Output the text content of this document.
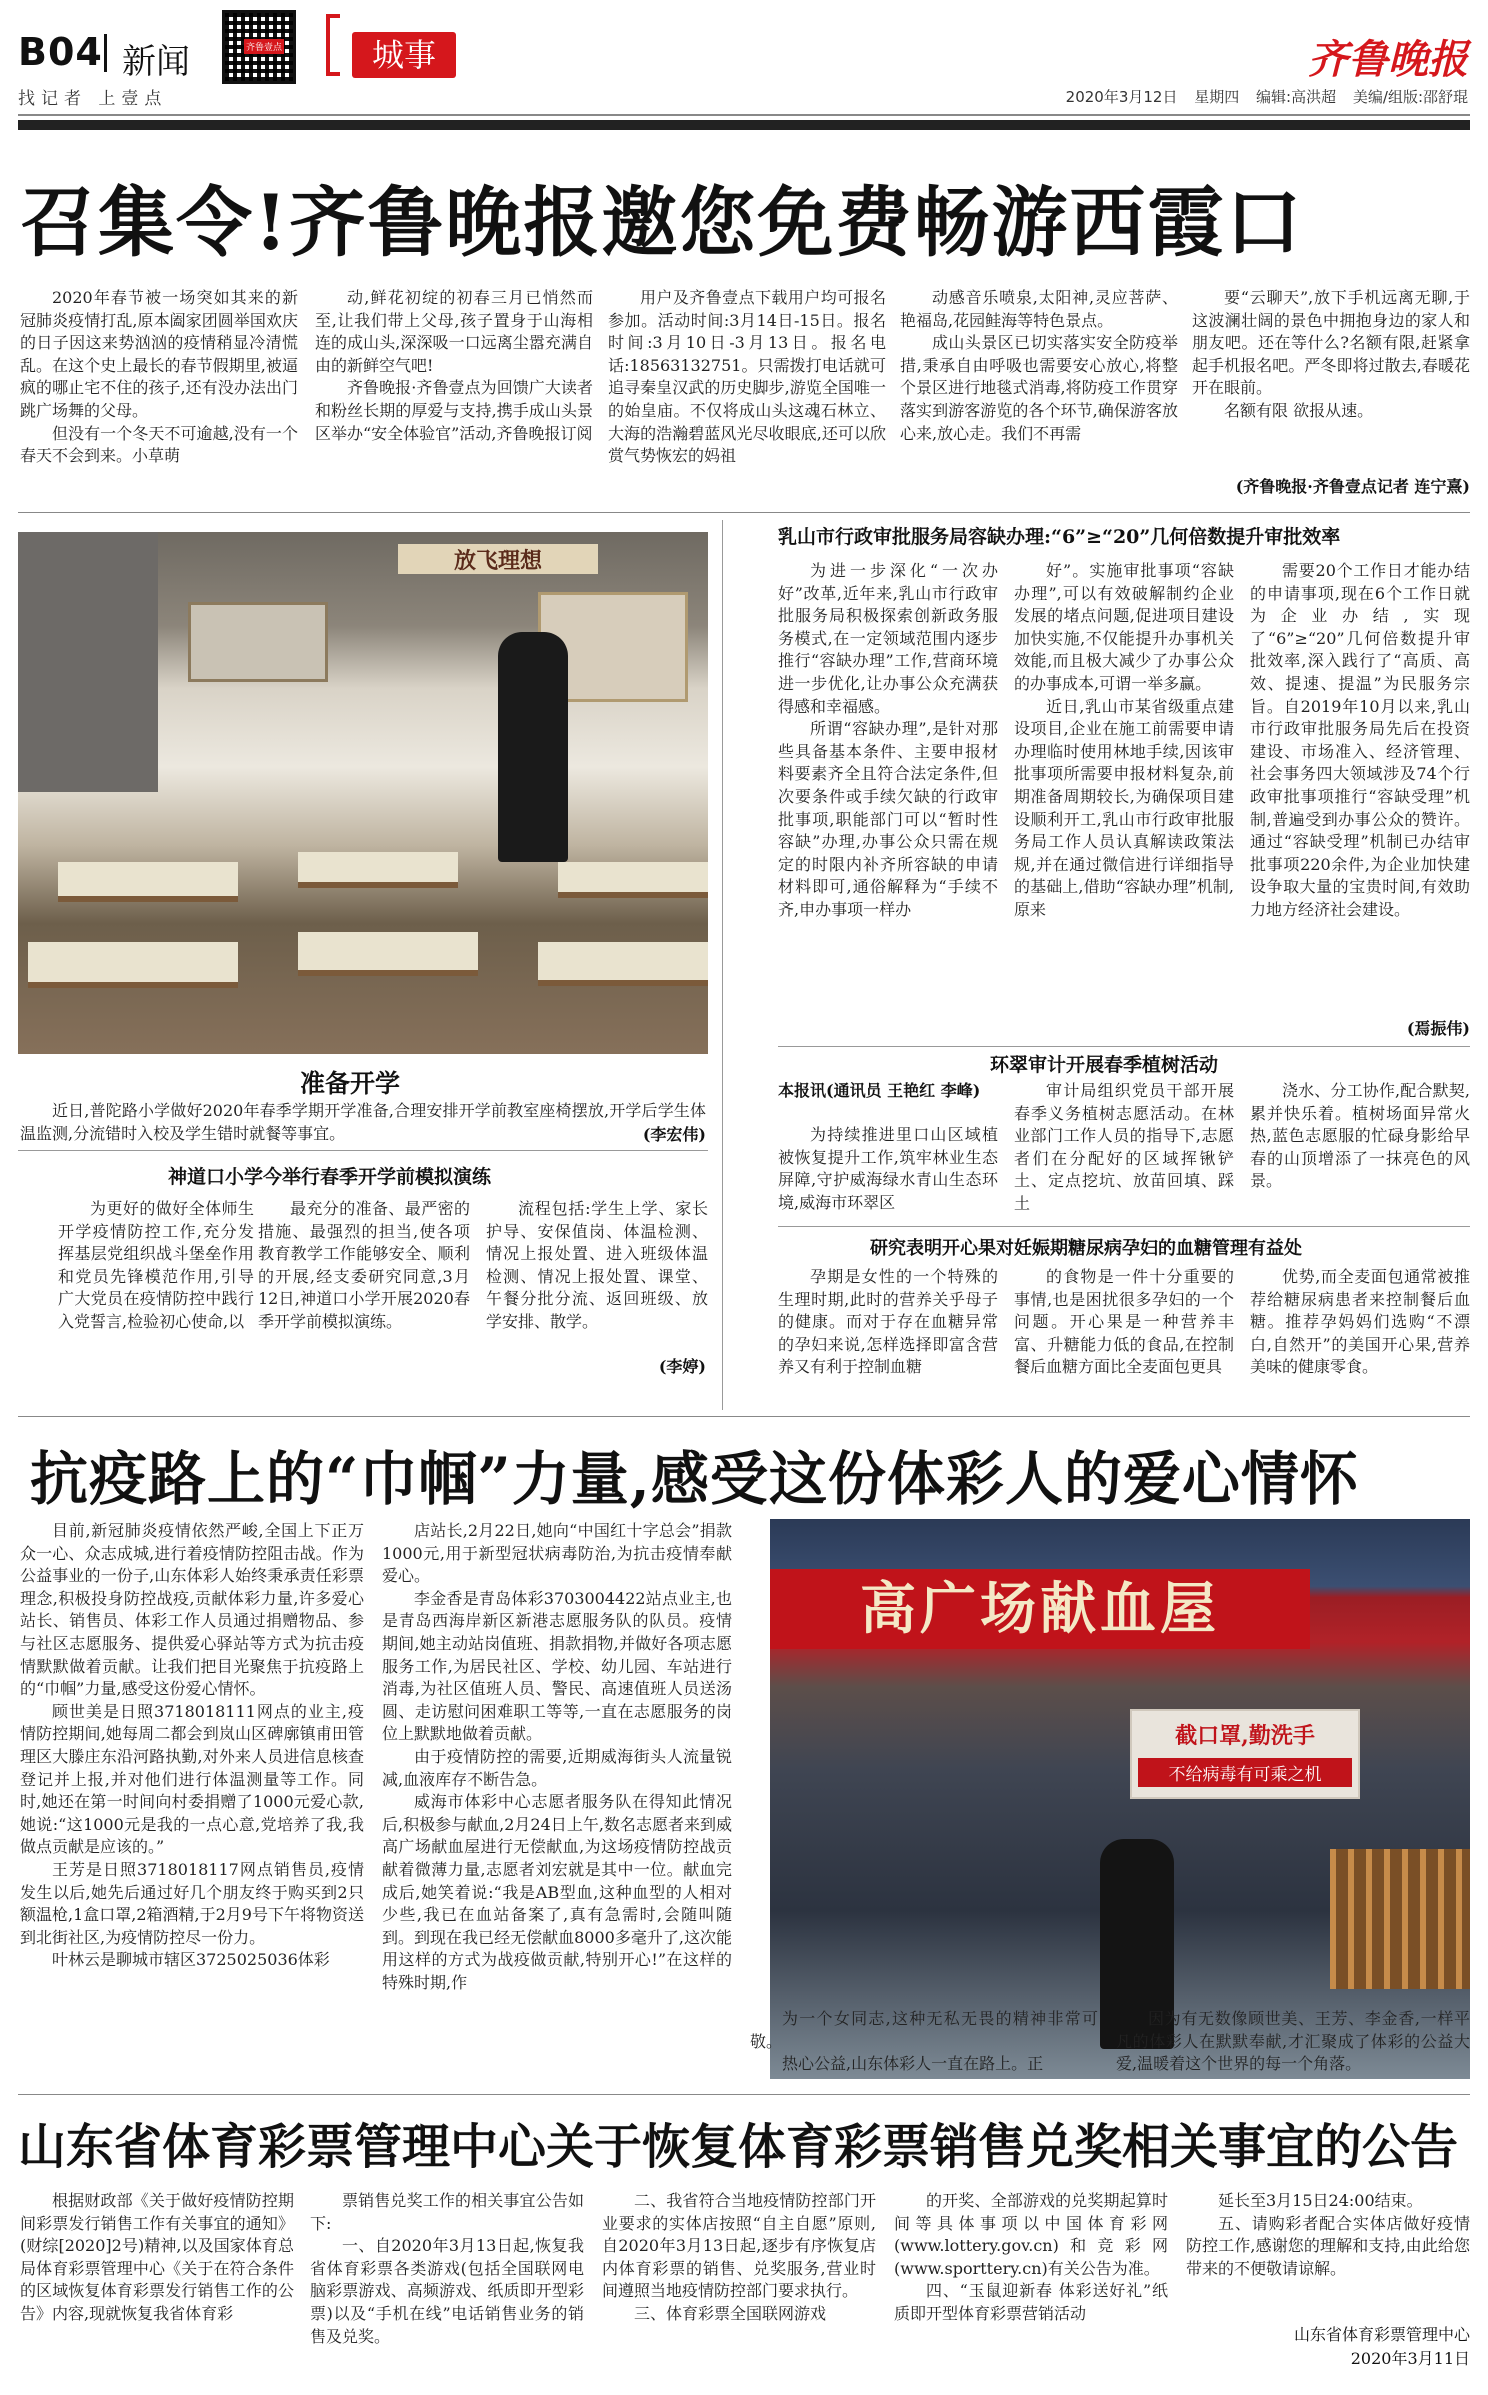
B04 新闻	齐鲁壹点	城事	齐鲁晚报
找记者 上壹点	2020年3月12日 星期四 编辑:高洪超 美编/组版:邵舒琨
召集令!齐鲁晚报邀您免费畅游西霞口

2020年春节被一场突如其来的新冠肺炎疫情打乱,原本阖家团圆举国欢庆的日子因这来势汹汹的疫情稍显冷清慌乱。在这个史上最长的春节假期里,被逼疯的哪止宅不住的孩子,还有没办法出门跳广场舞的父母。

但没有一个冬天不可逾越,没有一个春天不会到来。小草萌

动,鲜花初绽的初春三月已悄然而至,让我们带上父母,孩子置身于山海相连的成山头,深深吸一口远离尘嚣充满自由的新鲜空气吧!

齐鲁晚报·齐鲁壹点为回馈广大读者和粉丝长期的厚爱与支持,携手成山头景区举办“安全体验官”活动,齐鲁晚报订阅

用户及齐鲁壹点下载用户均可报名参加。活动时间:3月14日-15日。报名时间:3月10日-3月13日。报名电话:18563132751。只需拨打电话就可追寻秦皇汉武的历史脚步,游览全国唯一的始皇庙。不仅将成山头这魂石林立、大海的浩瀚碧蓝风光尽收眼底,还可以欣赏气势恢宏的妈祖

动感音乐喷泉,太阳神,灵应菩萨、艳福岛,花园鲑海等特色景点。

成山头景区已切实落实安全防疫举措,秉承自由呼吸也需要安心放心,将整个景区进行地毯式消毒,将防疫工作贯穿落实到游客游览的各个环节,确保游客放心来,放心走。我们不再需

要“云聊天”,放下手机远离无聊,于这波澜壮阔的景色中拥抱身边的家人和朋友吧。还在等什么?名额有限,赶紧拿起手机报名吧。严冬即将过散去,春暖花开在眼前。

名额有限 欲报从速。

(齐鲁晚报·齐鲁壹点记者 连宁熹)
放飞理想
准备开学

近日,普陀路小学做好2020年春季学期开学准备,合理安排开学前教室座椅摆放,开学后学生体温监测,分流错时入校及学生错时就餐等事宜。	(李宏伟)
神道口小学今举行春季开学前模拟演练

为更好的做好全体师生开学疫情防控工作,充分发挥基层党组织战斗堡垒作用和党员先锋模范作用,引导广大党员在疫情防控中践行入党誓言,检验初心使命,以

最充分的准备、最严密的措施、最强烈的担当,使各项教育教学工作能够安全、顺利的开展,经支委研究同意,3月12日,神道口小学开展2020春季开学前模拟演练。

流程包括:学生上学、家长护导、安保值岗、体温检测、情况上报处置、进入班级体温检测、情况上报处置、课堂、午餐分批分流、返回班级、放学安排、散学。

(李婷)
乳山市行政审批服务局容缺办理:“6”≥“20”几何倍数提升审批效率

为进一步深化“一次办好”改革,近年来,乳山市行政审批服务局积极探索创新政务服务模式,在一定领域范围内逐步推行“容缺办理”工作,营商环境进一步优化,让办事公众充满获得感和幸福感。

所谓“容缺办理”,是针对那些具备基本条件、主要申报材料要素齐全且符合法定条件,但次要条件或手续欠缺的行政审批事项,职能部门可以“暂时性容缺”办理,办事公众只需在规定的时限内补齐所容缺的申请材料即可,通俗解释为“手续不齐,申办事项一样办

好”。实施审批事项“容缺办理”,可以有效破解制约企业发展的堵点问题,促进项目建设加快实施,不仅能提升办事机关效能,而且极大减少了办事公众的办事成本,可谓一举多赢。

近日,乳山市某省级重点建设项目,企业在施工前需要申请办理临时使用林地手续,因该审批事项所需要申报材料复杂,前期准备周期较长,为确保项目建设顺利开工,乳山市行政审批服务局工作人员认真解读政策法规,并在通过微信进行详细指导的基础上,借助“容缺办理”机制,原来

需要20个工作日才能办结的申请事项,现在6个工作日就为企业办结,实现了“6”≥“20”几何倍数提升审批效率,深入践行了“高质、高效、提速、提温”为民服务宗旨。自2019年10月以来,乳山市行政审批服务局先后在投资建设、市场准入、经济管理、社会事务四大领域涉及74个行政审批事项推行“容缺受理”机制,普遍受到办事公众的赞许。通过“容缺受理”机制已办结审批事项220余件,为企业加快建设争取大量的宝贵时间,有效助力地方经济社会建设。

(焉振伟)
环翠审计开展春季植树活动
本报讯(通讯员 王艳红 李峰)

为持续推进里口山区域植被恢复提升工作,筑牢林业生态屏障,守护威海绿水青山生态环境,威海市环翠区

审计局组织党员干部开展春季义务植树志愿活动。在林业部门工作人员的指导下,志愿者们在分配好的区域挥锹铲土、定点挖坑、放苗回填、踩土

浇水、分工协作,配合默契,累并快乐着。植树场面异常火热,蓝色志愿服的忙碌身影给早春的山顶增添了一抹亮色的风景。

研究表明开心果对妊娠期糖尿病孕妇的血糖管理有益处

孕期是女性的一个特殊的生理时期,此时的营养关乎母子的健康。而对于存在血糖异常的孕妇来说,怎样选择即富含营养又有利于控制血糖

的食物是一件十分重要的事情,也是困扰很多孕妇的一个问题。开心果是一种营养丰富、升糖能力低的食品,在控制餐后血糖方面比全麦面包更具

优势,而全麦面包通常被推荐给糖尿病患者来控制餐后血糖。推荐孕妈妈们选购“不漂白,自然开”的美国开心果,营养美味的健康零食。

抗疫路上的“巾帼”力量,感受这份体彩人的爱心情怀

目前,新冠肺炎疫情依然严峻,全国上下正万众一心、众志成城,进行着疫情防控阻击战。作为公益事业的一份子,山东体彩人始终秉承责任彩票理念,积极投身防控战疫,贡献体彩力量,许多爱心站长、销售员、体彩工作人员通过捐赠物品、参与社区志愿服务、提供爱心驿站等方式为抗击疫情默默做着贡献。让我们把目光聚焦于抗疫路上的“巾帼”力量,感受这份爱心情怀。

顾世美是日照3718018111网点的业主,疫情防控期间,她每周二都会到岚山区碑廓镇甫田管理区大滕庄东沿河路执勤,对外来人员进信息核查登记并上报,并对他们进行体温测量等工作。同时,她还在第一时间向村委捐赠了1000元爱心款,她说:“这1000元是我的一点心意,党培养了我,我做点贡献是应该的。”

王芳是日照3718018117网点销售员,疫情发生以后,她先后通过好几个朋友终于购买到2只额温枪,1盒口罩,2箱酒精,于2月9号下午将物资送到北街社区,为疫情防控尽一份力。

叶林云是聊城市辖区3725025036体彩

店站长,2月22日,她向“中国红十字总会”捐款1000元,用于新型冠状病毒防治,为抗击疫情奉献爱心。

李金香是青岛体彩3703004422站点业主,也是青岛西海岸新区新港志愿服务队的队员。疫情期间,她主动站岗值班、捐款捐物,并做好各项志愿服务工作,为居民社区、学校、幼儿园、车站进行消毒,为社区值班人员、警民、高速值班人员送汤圆、走访慰问困难职工等等,一直在志愿服务的岗位上默默地做着贡献。

由于疫情防控的需要,近期威海街头人流量锐减,血液库存不断告急。

威海市体彩中心志愿者服务队在得知此情况后,积极参与献血,2月24日上午,数名志愿者来到威高广场献血屋进行无偿献血,为这场疫情防控战贡献着微薄力量,志愿者刘宏就是其中一位。献血完成后,她笑着说:“我是AB型血,这种血型的人相对少些,我已在血站备案了,真有急需时,会随叫随到。到现在我已经无偿献血8000多毫升了,这次能用这样的方式为战疫做贡献,特别开心!”在这样的特殊时期,作

高广场献血屋
截口罩,勤洗手
不给病毒有可乘之机

为一个女同志,这种无私无畏的精神非常可敬。

热心公益,山东体彩人一直在路上。正

因为有无数像顾世美、王芳、李金香,一样平凡的体彩人在默默奉献,才汇聚成了体彩的公益大爱,温暖着这个世界的每一个角落。

山东省体育彩票管理中心关于恢复体育彩票销售兑奖相关事宜的公告

根据财政部《关于做好疫情防控期间彩票发行销售工作有关事宜的通知》(财综[2020]2号)精神,以及国家体育总局体育彩票管理中心《关于在符合条件的区域恢复体育彩票发行销售工作的公告》内容,现就恢复我省体育彩

票销售兑奖工作的相关事宜公告如下:

一、自2020年3月13日起,恢复我省体育彩票各类游戏(包括全国联网电脑彩票游戏、高频游戏、纸质即开型彩票)以及“手机在线”电话销售业务的销售及兑奖。

二、我省符合当地疫情防控部门开业要求的实体店按照“自主自愿”原则,自2020年3月13日起,逐步有序恢复店内体育彩票的销售、兑奖服务,营业时间遵照当地疫情防控部门要求执行。

三、体育彩票全国联网游戏

的开奖、全部游戏的兑奖期起算时间等具体事项以中国体育彩网(www.lottery.gov.cn)和竞彩网(www.sporttery.cn)有关公告为准。

四、“玉鼠迎新春 体彩送好礼”纸质即开型体育彩票营销活动

延长至3月15日24:00结束。

五、请购彩者配合实体店做好疫情防控工作,感谢您的理解和支持,由此给您带来的不便敬请谅解。

山东省体育彩票管理中心
2020年3月11日
